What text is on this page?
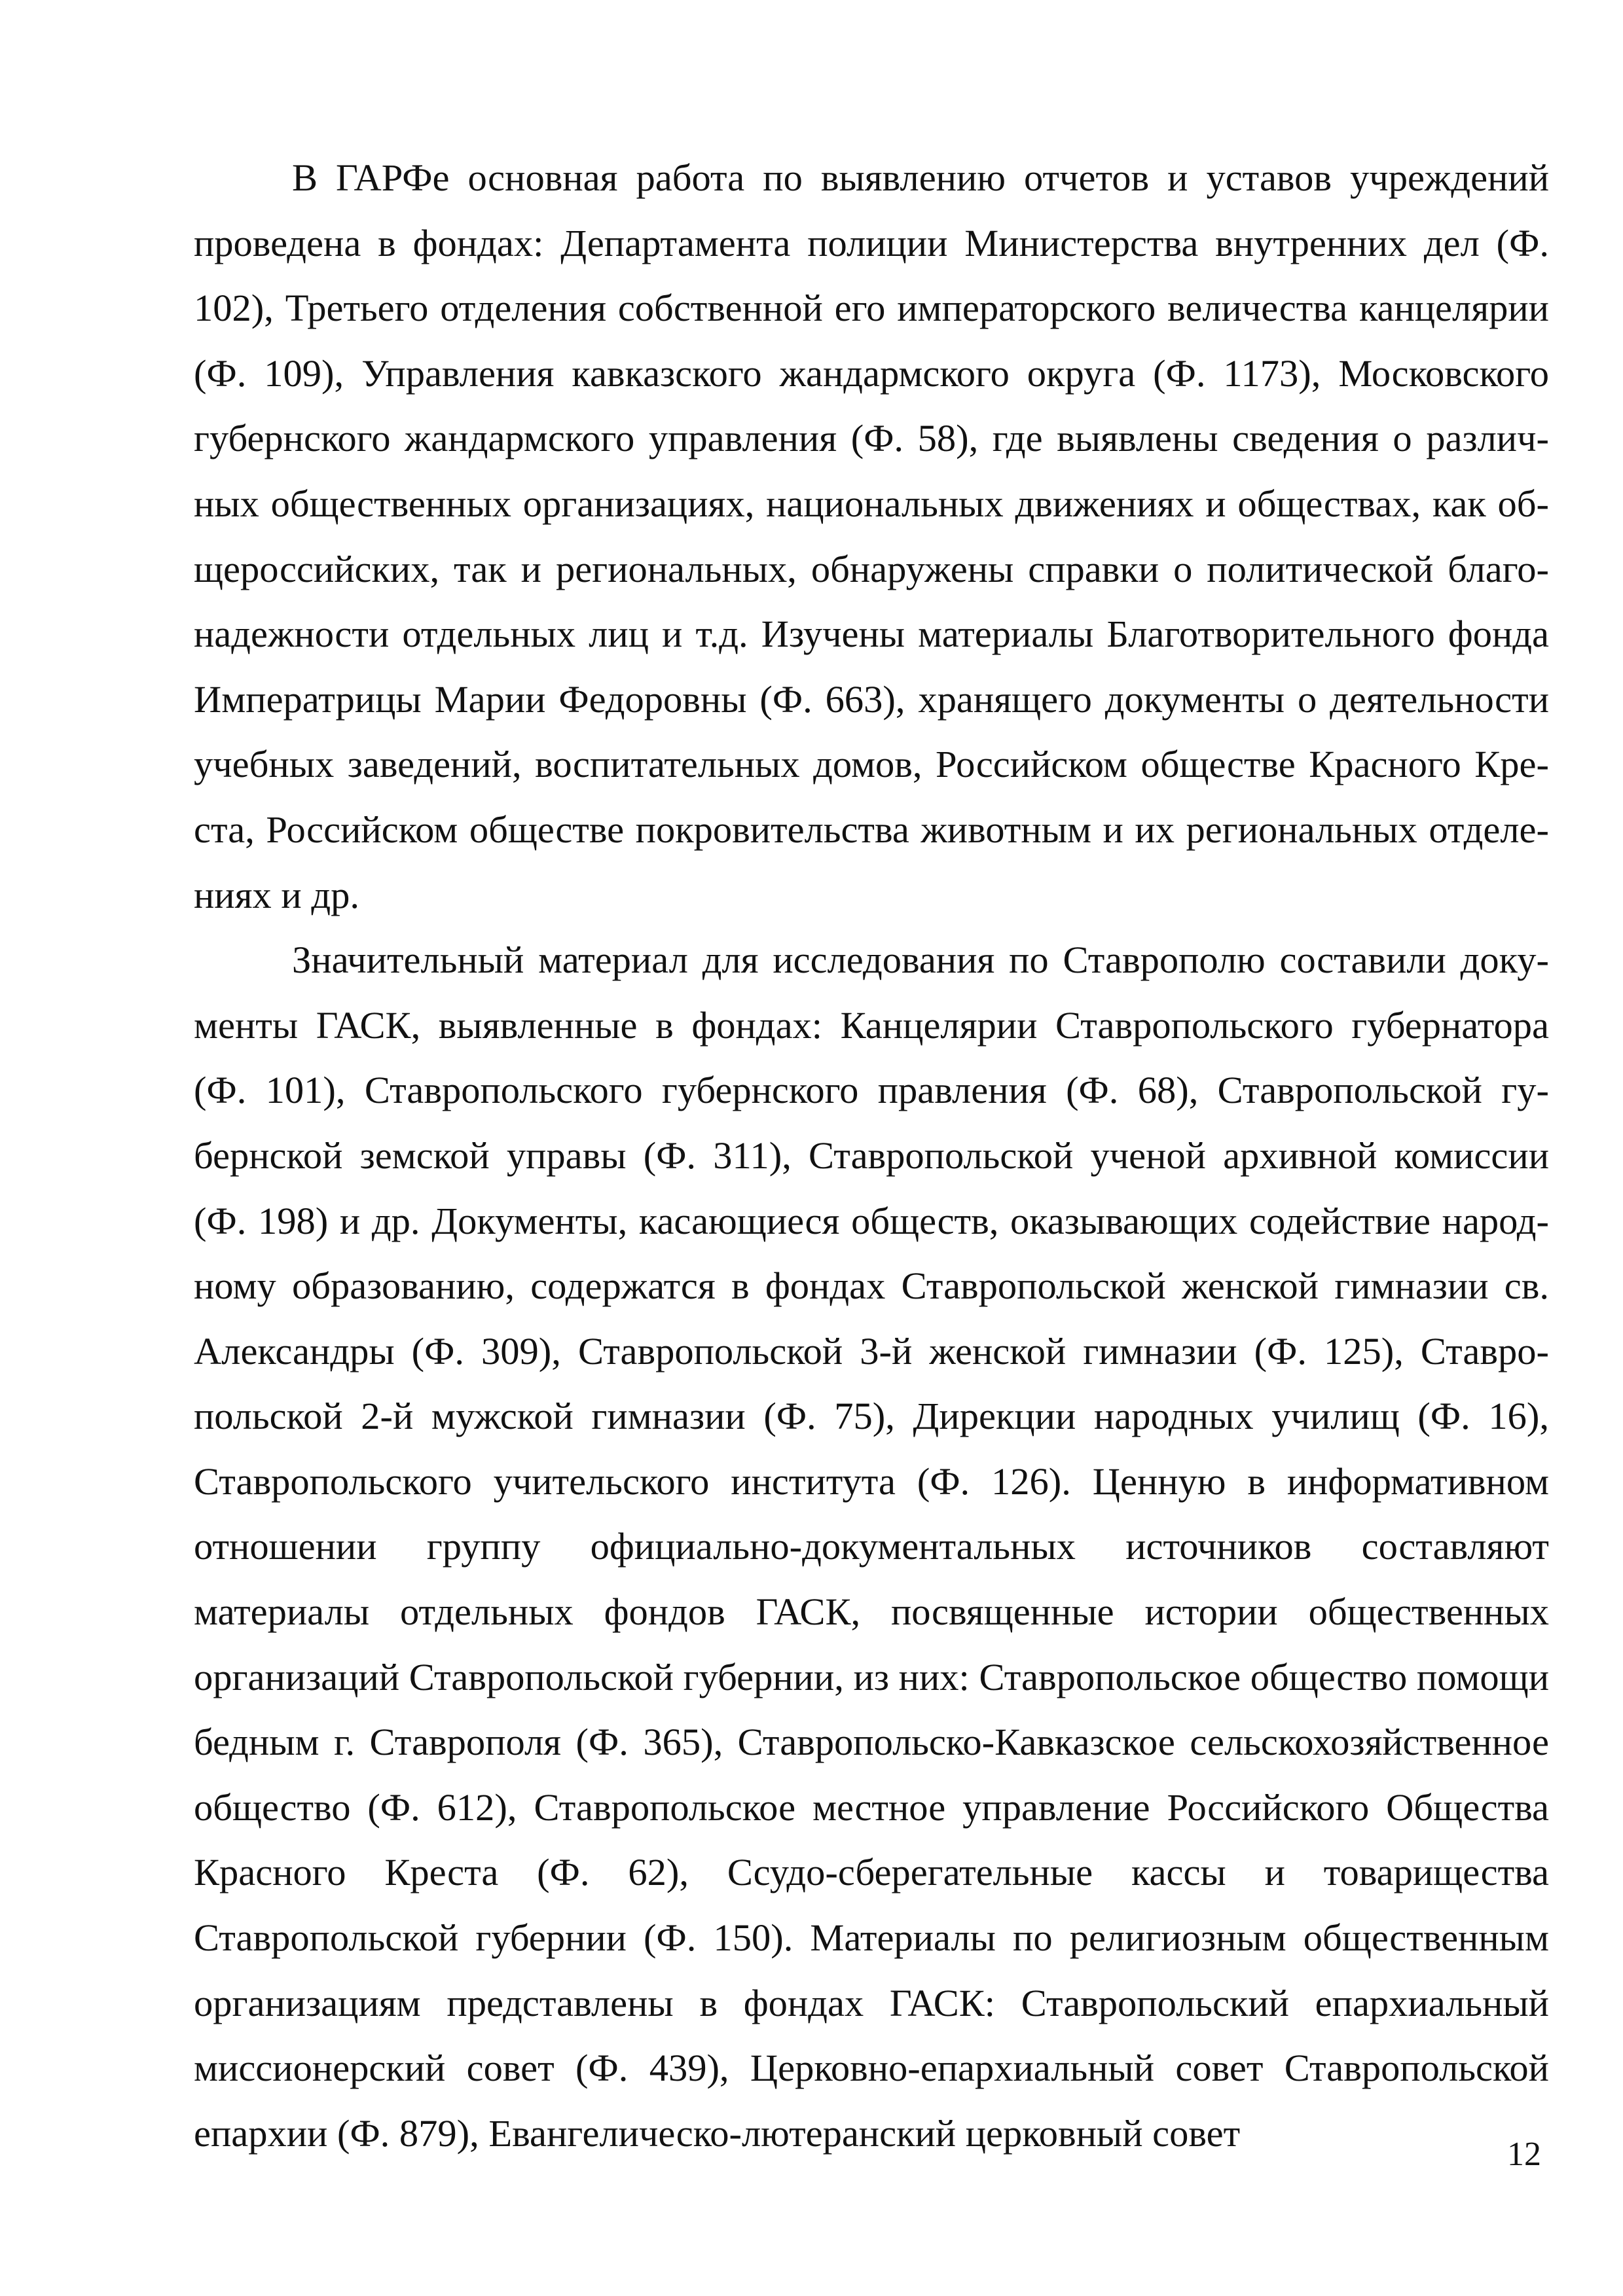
В ГАРФе основная работа по выявлению отчетов и уставов учреждений проведена в фондах: Департамента полиции Министерства внутренних дел (Ф. 102), Третьего отделения собственной его императорского величества канцелярии (Ф. 109), Управления кавказского жандармского округа (Ф. 1173), Московского губернского жандармского управления (Ф. 58), где выявлены сведения о различных общественных организациях, национальных движениях и обществах, как общероссийских, так и региональных, обнаружены справки о политической благонадежности отдельных лиц и т.д. Изучены материалы Благотворительного фонда Императрицы Марии Федоровны (Ф. 663), хранящего документы о деятельности учебных заведений, воспитательных домов, Российском обществе Красного Креста, Российском обществе покровительства животным и их региональных отделениях и др.

Значительный материал для исследования по Ставрополю составили документы ГАСК, выявленные в фондах: Канцелярии Ставропольского губернатора (Ф. 101), Ставропольского губернского правления (Ф. 68), Ставропольской губернской земской управы (Ф. 311), Ставропольской ученой архивной комиссии (Ф. 198) и др. Документы, касающиеся обществ, оказывающих содействие народному образованию, содержатся в фондах Ставропольской женской гимназии св. Александры (Ф. 309), Ставропольской 3-й женской гимназии (Ф. 125), Ставропольской 2-й мужской гимназии (Ф. 75), Дирекции народных училищ (Ф. 16), Ставропольского учительского института (Ф. 126). Ценную в информативном отношении группу официально-документальных источников составляют материалы отдельных фондов ГАСК, посвященные истории общественных организаций Ставропольской губернии, из них: Ставропольское общество помощи бедным г. Ставрополя (Ф. 365), Ставропольско-Кавказское сельскохозяйственное общество (Ф. 612), Ставропольское местное управление Российского Общества Красного Креста (Ф. 62), Ссудо-сберегательные кассы и товарищества Ставропольской губернии (Ф. 150). Материалы по религиозным общественным организациям представлены в фондах ГАСК: Ставропольский епархиальный миссионерский совет (Ф. 439), Церковно-епархиальный совет Ставропольской епархии (Ф. 879), Евангелическо-лютеранский церковный совет	12
